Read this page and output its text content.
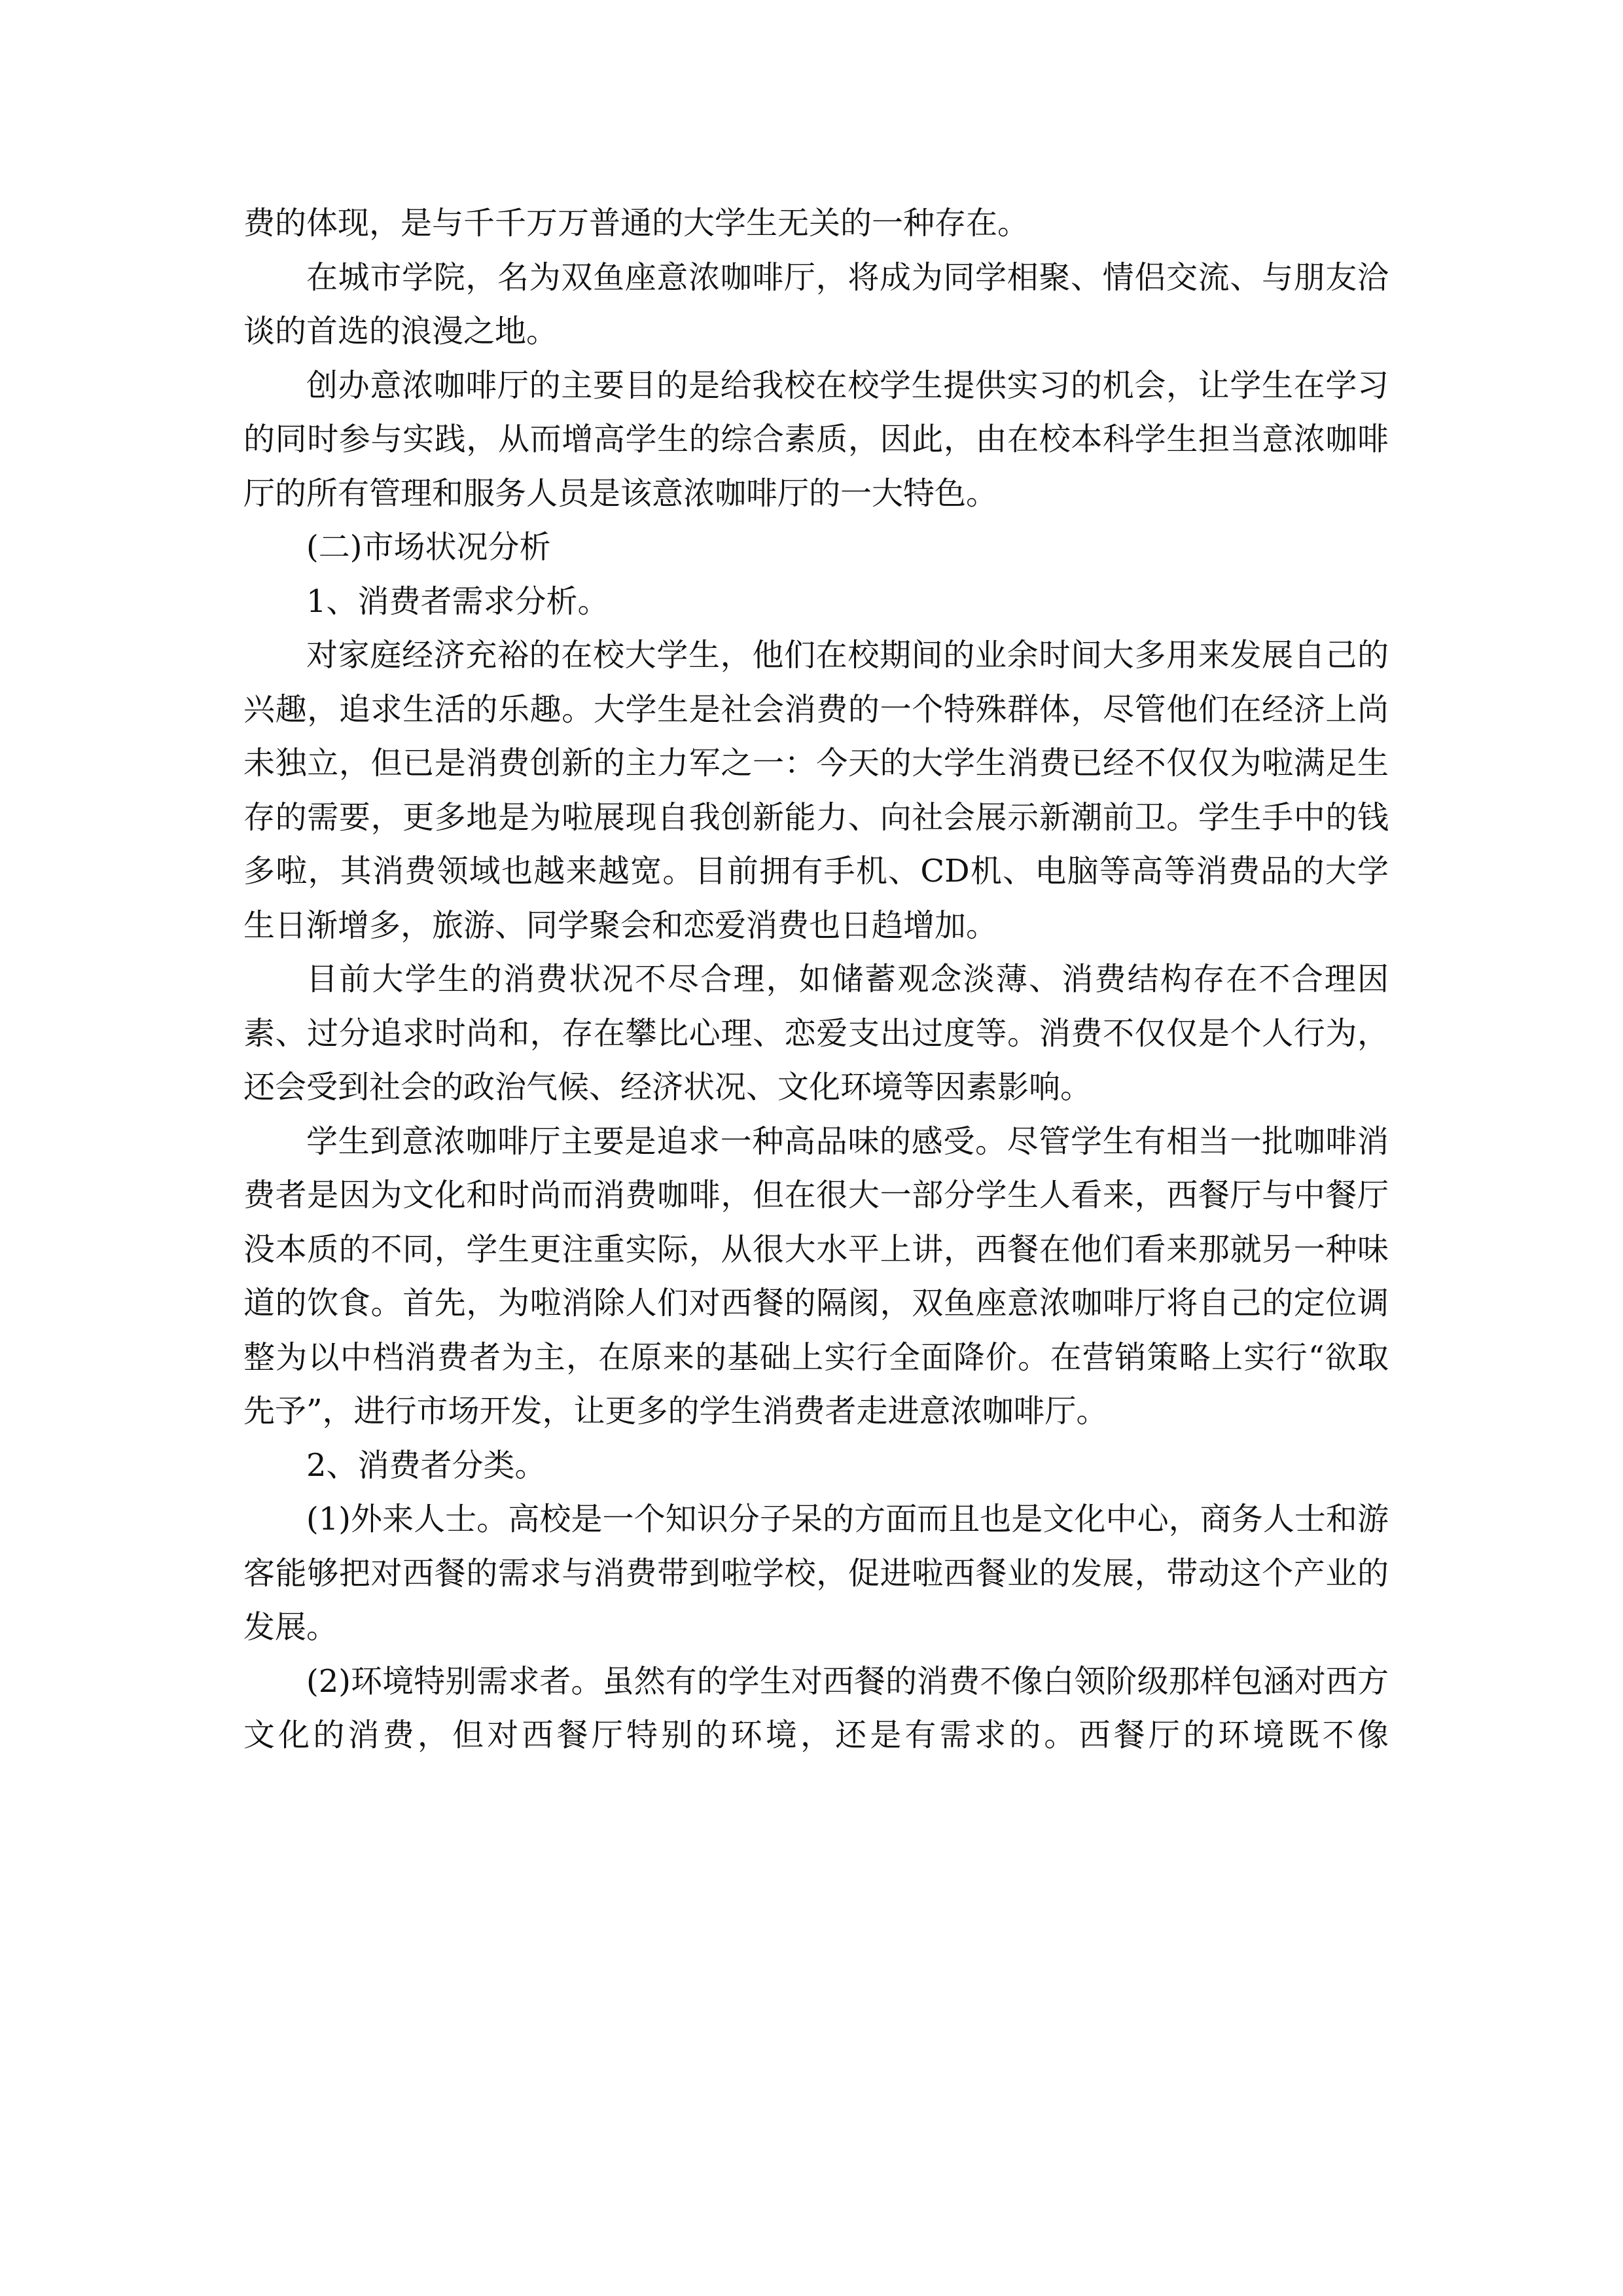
费的体现，是与千千万万普通的大学生无关的一种存在。

在城市学院，名为双鱼座意浓咖啡厅，将成为同学相聚、情侣交流、与朋友洽谈的首选的浪漫之地。

创办意浓咖啡厅的主要目的是给我校在校学生提供实习的机会，让学生在学习的同时参与实践，从而增高学生的综合素质，因此，由在校本科学生担当意浓咖啡厅的所有管理和服务人员是该意浓咖啡厅的一大特色。

(二)市场状况分析

1、消费者需求分析。

对家庭经济充裕的在校大学生，他们在校期间的业余时间大多用来发展自己的兴趣，追求生活的乐趣。大学生是社会消费的一个特殊群体，尽管他们在经济上尚未独立，但已是消费创新的主力军之一：今天的大学生消费已经不仅仅为啦满足生存的需要，更多地是为啦展现自我创新能力、向社会展示新潮前卫。学生手中的钱多啦，其消费领域也越来越宽。目前拥有手机、CD机、电脑等高等消费品的大学生日渐增多，旅游、同学聚会和恋爱消费也日趋增加。

目前大学生的消费状况不尽合理，如储蓄观念淡薄、消费结构存在不合理因素、过分追求时尚和，存在攀比心理、恋爱支出过度等。消费不仅仅是个人行为，还会受到社会的政治气候、经济状况、文化环境等因素影响。

学生到意浓咖啡厅主要是追求一种高品味的感受。尽管学生有相当一批咖啡消费者是因为文化和时尚而消费咖啡，但在很大一部分学生人看来，西餐厅与中餐厅没本质的不同，学生更注重实际，从很大水平上讲，西餐在他们看来那就另一种味道的饮食。首先，为啦消除人们对西餐的隔阂，双鱼座意浓咖啡厅将自己的定位调整为以中档消费者为主，在原来的基础上实行全面降价。在营销策略上实行“欲取先予”，进行市场开发，让更多的学生消费者走进意浓咖啡厅。

2、消费者分类。

(1)外来人士。高校是一个知识分子呆的方面而且也是文化中心，商务人士和游客能够把对西餐的需求与消费带到啦学校，促进啦西餐业的发展，带动这个产业的发展。

(2)环境特别需求者。虽然有的学生对西餐的消费不像白领阶级那样包涵对西方文化的消费，但对西餐厅特别的环境，还是有需求的。西餐厅的环境既不像
